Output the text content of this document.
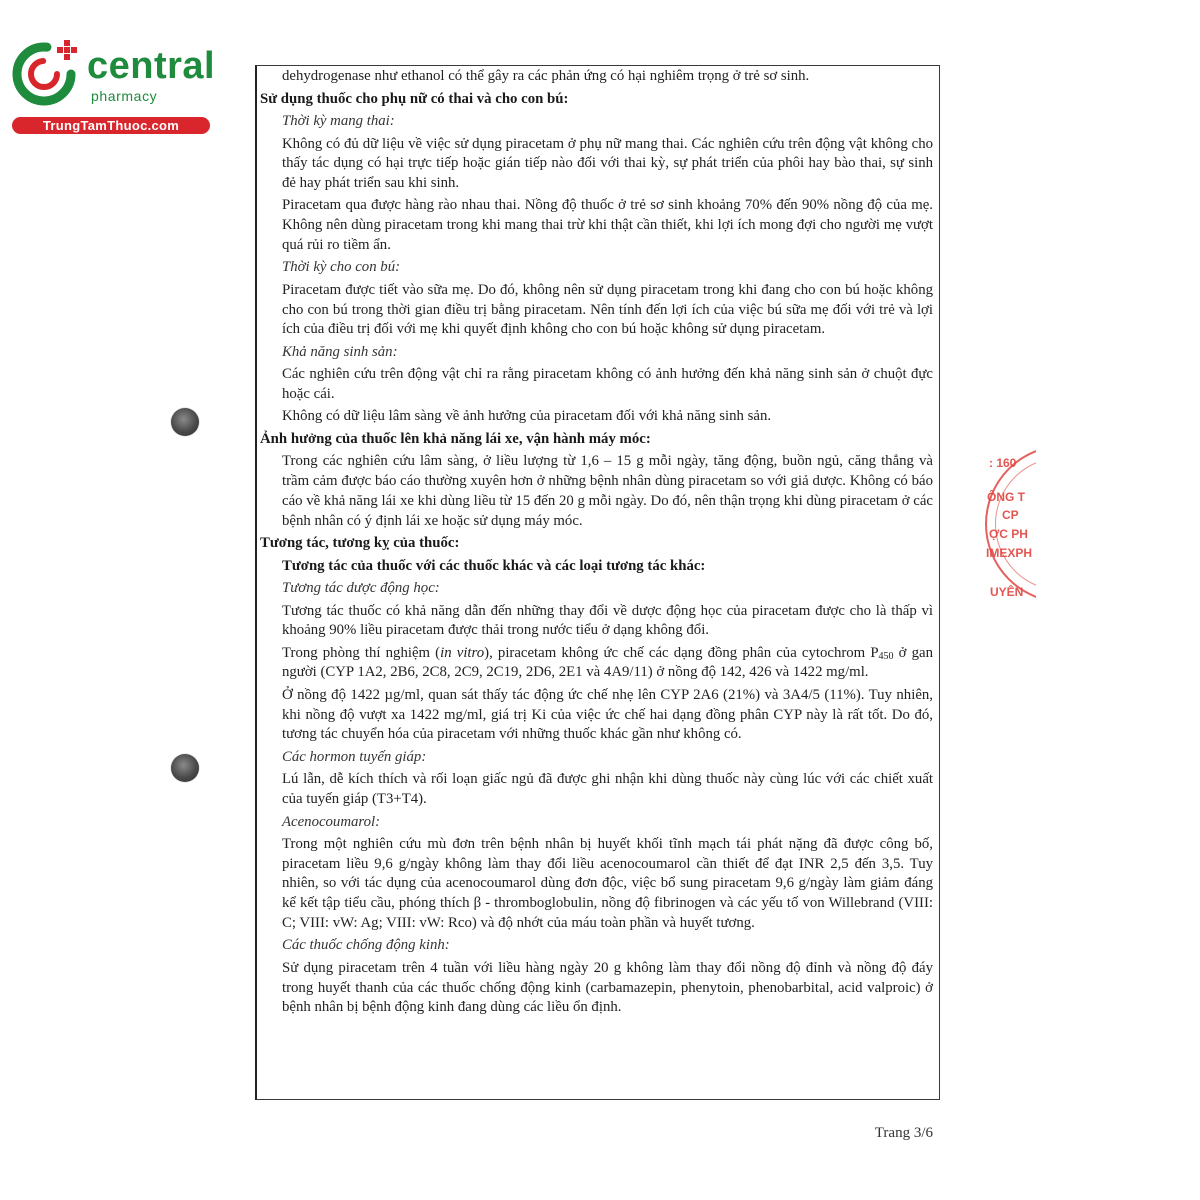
central
pharmacy
TrungTamThuoc.com

dehydrogenase như ethanol có thể gây ra các phản ứng có hại nghiêm trọng ở trẻ sơ sinh.

Sử dụng thuốc cho phụ nữ có thai và cho con bú:

Thời kỳ mang thai:

Không có đủ dữ liệu về việc sử dụng piracetam ở phụ nữ mang thai. Các nghiên cứu trên động vật không cho thấy tác dụng có hại trực tiếp hoặc gián tiếp nào đối với thai kỳ, sự phát triển của phôi hay bào thai, sự sinh đẻ hay phát triển sau khi sinh.

Piracetam qua được hàng rào nhau thai. Nồng độ thuốc ở trẻ sơ sinh khoảng 70% đến 90% nồng độ của mẹ. Không nên dùng piracetam trong khi mang thai trừ khi thật cần thiết, khi lợi ích mong đợi cho người mẹ vượt quá rủi ro tiềm ẩn.

Thời kỳ cho con bú:

Piracetam được tiết vào sữa mẹ. Do đó, không nên sử dụng piracetam trong khi đang cho con bú hoặc không cho con bú trong thời gian điều trị bằng piracetam. Nên tính đến lợi ích của việc bú sữa mẹ đối với trẻ và lợi ích của điều trị đối với mẹ khi quyết định không cho con bú hoặc không sử dụng piracetam.

Khả năng sinh sản:

Các nghiên cứu trên động vật chỉ ra rằng piracetam không có ảnh hưởng đến khả năng sinh sản ở chuột đực hoặc cái.

Không có dữ liệu lâm sàng về ảnh hưởng của piracetam đối với khả năng sinh sản.

Ảnh hưởng của thuốc lên khả năng lái xe, vận hành máy móc:

Trong các nghiên cứu lâm sàng, ở liều lượng từ 1,6 – 15 g mỗi ngày, tăng động, buồn ngủ, căng thẳng và trầm cảm được báo cáo thường xuyên hơn ở những bệnh nhân dùng piracetam so với giả dược. Không có báo cáo về khả năng lái xe khi dùng liều từ 15 đến 20 g mỗi ngày. Do đó, nên thận trọng khi dùng piracetam ở các bệnh nhân có ý định lái xe hoặc sử dụng máy móc.

Tương tác, tương kỵ của thuốc:

Tương tác của thuốc với các thuốc khác và các loại tương tác khác:

Tương tác dược động học:

Tương tác thuốc có khả năng dẫn đến những thay đổi về dược động học của piracetam được cho là thấp vì khoảng 90% liều piracetam được thải trong nước tiểu ở dạng không đổi.

Trong phòng thí nghiệm (in vitro), piracetam không ức chế các dạng đồng phân của cytochrom $P_{450}$ ở gan người (CYP 1A2, 2B6, 2C8, 2C9, 2C19, 2D6, 2E1 và 4A9/11) ở nồng độ 142, 426 và 1422 mg/ml.

Ở nồng độ 1422 µg/ml, quan sát thấy tác động ức chế nhẹ lên CYP 2A6 (21%) và 3A4/5 (11%). Tuy nhiên, khi nồng độ vượt xa 1422 mg/ml, giá trị Ki của việc ức chế hai dạng đồng phân CYP này là rất tốt. Do đó, tương tác chuyển hóa của piracetam với những thuốc khác gần như không có.

Các hormon tuyến giáp:

Lú lẫn, dễ kích thích và rối loạn giấc ngủ đã được ghi nhận khi dùng thuốc này cùng lúc với các chiết xuất của tuyến giáp (T3+T4).

Acenocoumarol:

Trong một nghiên cứu mù đơn trên bệnh nhân bị huyết khối tĩnh mạch tái phát nặng đã được công bố, piracetam liều 9,6 g/ngày không làm thay đổi liều acenocoumarol cần thiết để đạt INR 2,5 đến 3,5. Tuy nhiên, so với tác dụng của acenocoumarol dùng đơn độc, việc bổ sung piracetam 9,6 g/ngày làm giảm đáng kể kết tập tiểu cầu, phóng thích β - thromboglobulin, nồng độ fibrinogen và các yếu tố von Willebrand (VIII: C; VIII: vW: Ag; VIII: vW: Rco) và độ nhớt của máu toàn phần và huyết tương.

Các thuốc chống động kinh:

Sử dụng piracetam trên 4 tuần với liều hàng ngày 20 g không làm thay đổi nồng độ đỉnh và nồng độ đáy trong huyết thanh của các thuốc chống động kinh (carbamazepin, phenytoin, phenobarbital, acid valproic) ở bệnh nhân bị bệnh động kinh đang dùng các liều ổn định.

: 160
ÔNG T
CP
ỢC PH
IMEXPH
UYÊN
Trang 3/6
